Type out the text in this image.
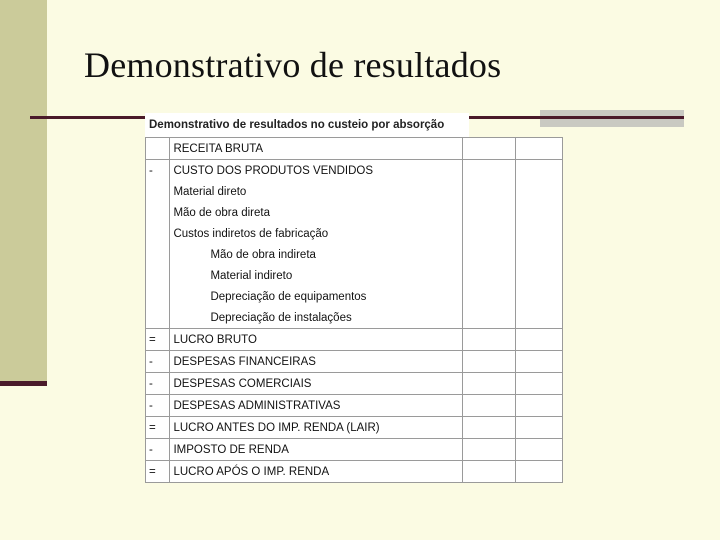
Demonstrativo de resultados
Demonstrativo de resultados no custeio por absorção
	RECEITA BRUTA		
-	CUSTO DOS PRODUTOS VENDIDOS		
	Material direto		
	Mão de obra direta		
	Custos indiretos de fabricação		
	Mão de obra indireta		
	Material indireto		
	Depreciação de equipamentos		
	Depreciação de instalações		
=	LUCRO BRUTO		
-	DESPESAS FINANCEIRAS		
-	DESPESAS COMERCIAIS		
-	DESPESAS ADMINISTRATIVAS		
=	LUCRO ANTES DO IMP. RENDA (LAIR)		
-	IMPOSTO DE RENDA		
=	LUCRO APÓS O IMP. RENDA		
